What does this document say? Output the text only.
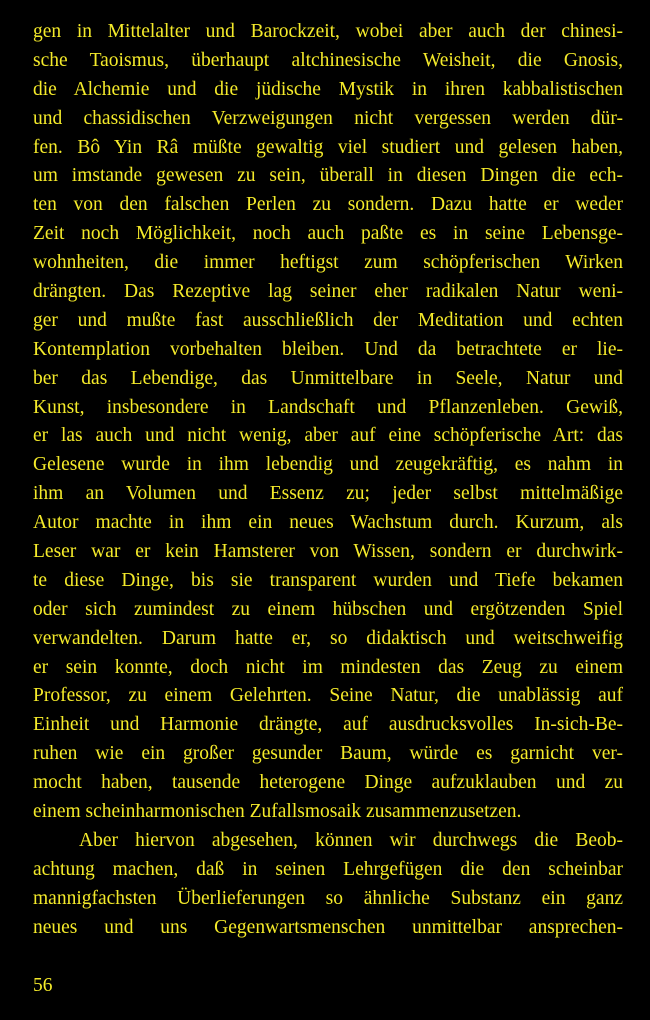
gen in Mittelalter und Barockzeit, wobei aber auch der chinesi-
sche Taoismus, überhaupt altchinesische Weisheit, die Gnosis,
die Alchemie und die jüdische Mystik in ihren kabbalistischen
und chassidischen Verzweigungen nicht vergessen werden dür-
fen. Bô Yin Râ müßte gewaltig viel studiert und gelesen haben,
um imstande gewesen zu sein, überall in diesen Dingen die ech-
ten von den falschen Perlen zu sondern. Dazu hatte er weder
Zeit noch Möglichkeit, noch auch paßte es in seine Lebensge-
wohnheiten, die immer heftigst zum schöpferischen Wirken
drängten. Das Rezeptive lag seiner eher radikalen Natur weni-
ger und mußte fast ausschließlich der Meditation und echten
Kontemplation vorbehalten bleiben. Und da betrachtete er lie-
ber das Lebendige, das Unmittelbare in Seele, Natur und
Kunst, insbesondere in Landschaft und Pflanzenleben. Gewiß,
er las auch und nicht wenig, aber auf eine schöpferische Art: das
Gelesene wurde in ihm lebendig und zeugekräftig, es nahm in
ihm an Volumen und Essenz zu; jeder selbst mittelmäßige
Autor machte in ihm ein neues Wachstum durch. Kurzum, als
Leser war er kein Hamsterer von Wissen, sondern er durchwirk-
te diese Dinge, bis sie transparent wurden und Tiefe bekamen
oder sich zumindest zu einem hübschen und ergötzenden Spiel
verwandelten. Darum hatte er, so didaktisch und weitschweifig
er sein konnte, doch nicht im mindesten das Zeug zu einem
Professor, zu einem Gelehrten. Seine Natur, die unablässig auf
Einheit und Harmonie drängte, auf ausdrucksvolles In-sich-Be-
ruhen wie ein großer gesunder Baum, würde es garnicht ver-
mocht haben, tausende heterogene Dinge aufzuklauben und zu
einem scheinharmonischen Zufallsmosaik zusammenzusetzen.
Aber hiervon abgesehen, können wir durchwegs die Beob-
achtung machen, daß in seinen Lehrgefügen die den scheinbar
mannigfachsten Überlieferungen so ähnliche Substanz ein ganz
neues und uns Gegenwartsmenschen unmittelbar ansprechen-
56
